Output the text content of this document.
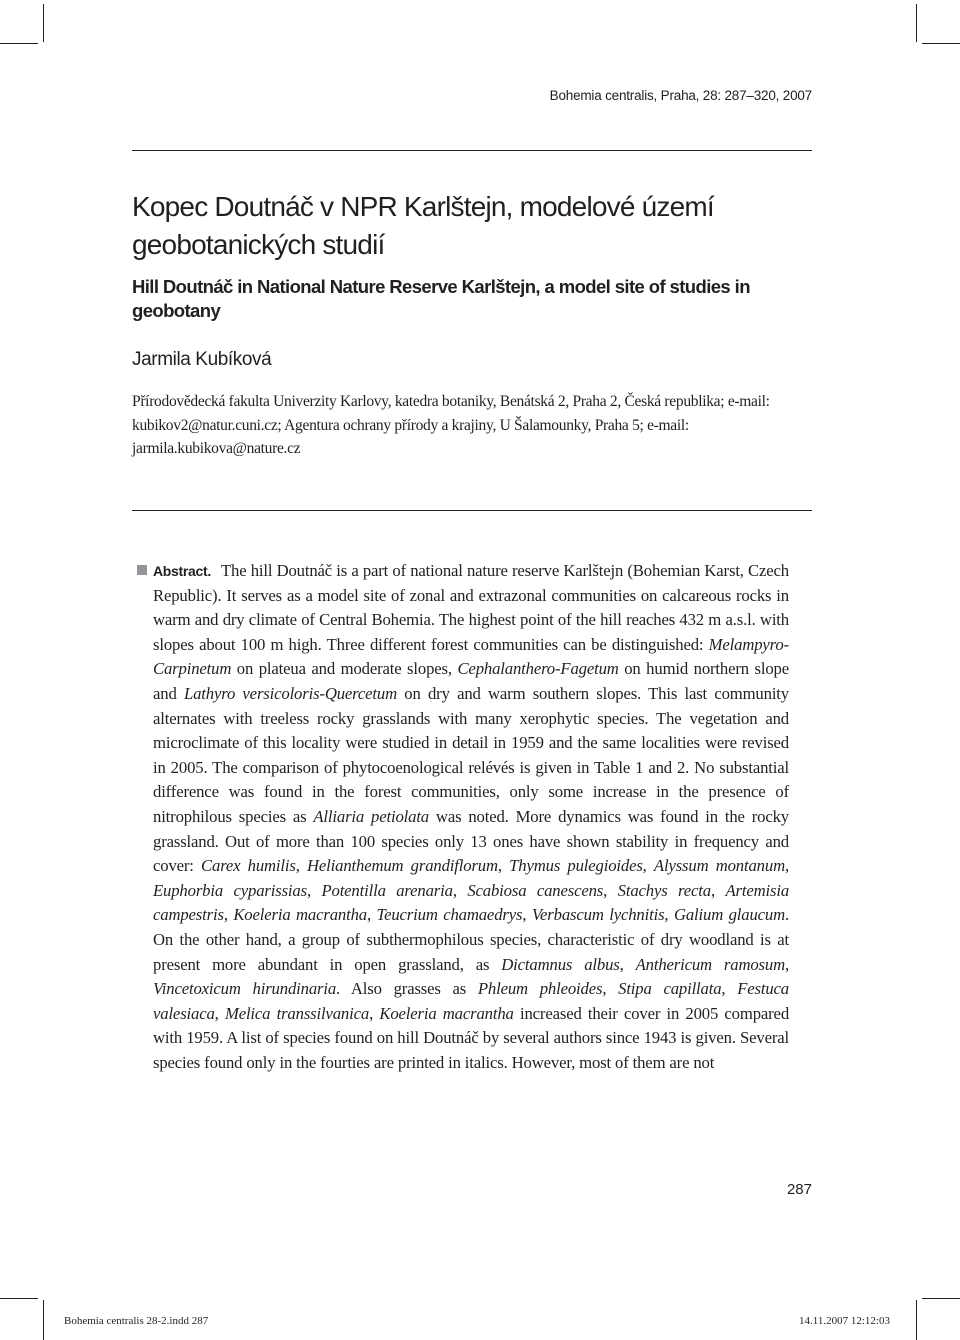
Bohemia centralis, Praha, 28: 287–320, 2007
Kopec Doutnáč v NPR Karlštejn, modelové území geobotanických studií
Hill Doutnáč in National Nature Reserve Karlštejn, a model site of studies in geobotany
Jarmila Kubíková
Přírodovědecká fakulta Univerzity Karlovy, katedra botaniky, Benátská 2, Praha 2, Česká republika; e-mail: kubikov2@natur.cuni.cz; Agentura ochrany přírody a krajiny, U Šalamounky, Praha 5; e-mail: jarmila.kubikova@nature.cz
Abstract. The hill Doutnáč is a part of national nature reserve Karlštejn (Bohemian Karst, Czech Republic). It serves as a model site of zonal and extrazonal communities on calcareous rocks in warm and dry climate of Central Bohemia. The highest point of the hill reaches 432 m a.s.l. with slopes about 100 m high. Three different forest communities can be distinguished: Melampyro-Carpinetum on plateua and moderate slopes, Cephalanthero-Fagetum on humid northern slope and Lathyro versicoloris-Quercetum on dry and warm southern slopes. This last community alternates with treeless rocky grasslands with many xerophytic species. The vegetation and microclimate of this locality were studied in detail in 1959 and the same localities were revised in 2005. The comparison of phytocoenological relévés is given in Table 1 and 2. No substantial difference was found in the forest communities, only some increase in the presence of nitrophilous species as Alliaria petiolata was noted. More dynamics was found in the rocky grassland. Out of more than 100 species only 13 ones have shown stability in frequency and cover: Carex humilis, Helianthemum grandiflorum, Thymus pulegioides, Alyssum montanum, Euphorbia cyparissias, Potentilla arenaria, Scabiosa canescens, Stachys recta, Artemisia campestris, Koeleria macrantha, Teucrium chamaedrys, Verbascum lychnitis, Galium glaucum. On the other hand, a group of subthermophilous species, characteristic of dry woodland is at present more abundant in open grassland, as Dictamnus albus, Anthericum ramosum, Vincetoxicum hirundinaria. Also grasses as Phleum phleoides, Stipa capillata, Festuca valesiaca, Melica transsilvanica, Koeleria macrantha increased their cover in 2005 compared with 1959. A list of species found on hill Doutnáč by several authors since 1943 is given. Several species found only in the fourties are printed in italics. However, most of them are not
287
Bohemia centralis 28-2.indd 287	14.11.2007 12:12:03
